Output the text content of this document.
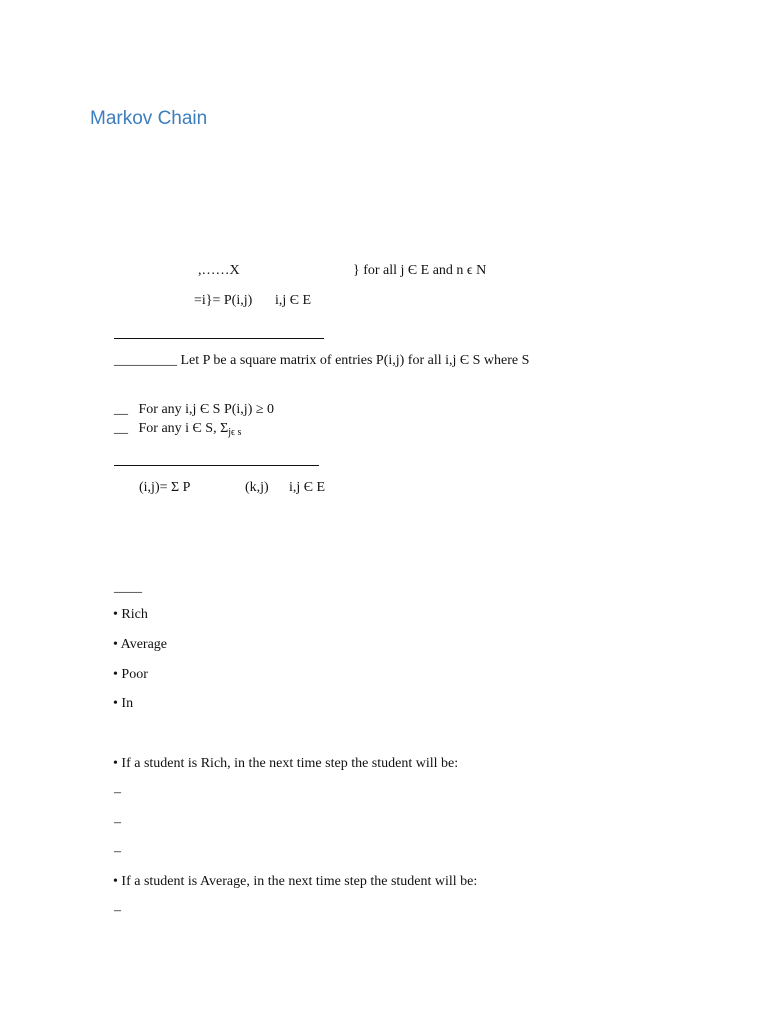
Markov Chain
,……X	} for all j Є E and n ϵ N
=i}= P(i,j) i,j Є E
_________ Let P be a square matrix of entries P(i,j) for all i,j Є S where S
__ For any i,j Є S P(i,j) ≥ 0
__ For any i Є S, $\Sigma_{j\epsilon s}$
(i,j)= Σ P	(k,j) i,j Є E
____
• Rich
• Average
• Poor
• In
• If a student is Rich, in the next time step the student will be:
–
–
–
• If a student is Average, in the next time step the student will be:
–
